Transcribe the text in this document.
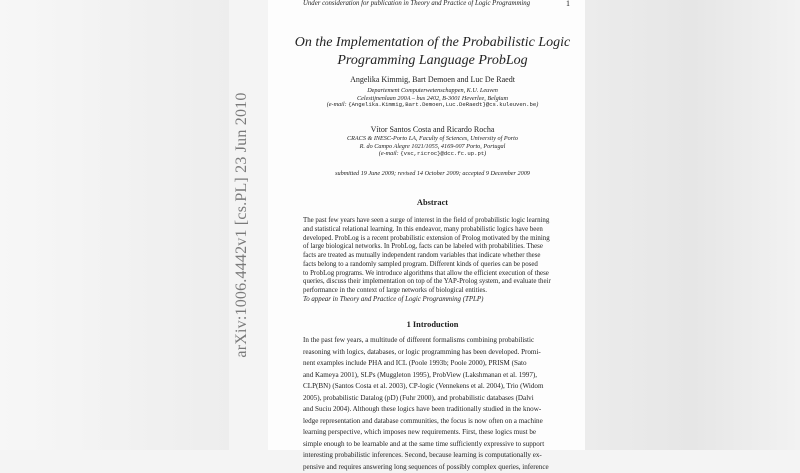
arXiv:1006.4442v1 [cs.PL] 23 Jun 2010
Under consideration for publication in Theory and Practice of Logic Programming	1
On the Implementation of the Probabilistic Logic
Programming Language ProbLog
Angelika Kimmig, Bart Demoen and Luc De Raedt
Departement Computerwetenschappen, K.U. Leuven
Celestijnenlaan 200A – bus 2402, B-3001 Heverlee, Belgium
(e-mail: {Angelika.Kimmig,Bart.Demoen,Luc.DeRaedt}@cs.kuleuven.be)
Vítor Santos Costa and Ricardo Rocha
CRACS & INESC-Porto LA, Faculty of Sciences, University of Porto
R. do Campo Alegre 1021/1055, 4169-007 Porto, Portugal
(e-mail: {vsc,ricroc}@dcc.fc.up.pt)
submitted 19 June 2009; revised 14 October 2009; accepted 9 December 2009
Abstract
The past few years have seen a surge of interest in the field of probabilistic logic learning
and statistical relational learning. In this endeavor, many probabilistic logics have been
developed. ProbLog is a recent probabilistic extension of Prolog motivated by the mining
of large biological networks. In ProbLog, facts can be labeled with probabilities. These
facts are treated as mutually independent random variables that indicate whether these
facts belong to a randomly sampled program. Different kinds of queries can be posed
to ProbLog programs. We introduce algorithms that allow the efficient execution of these
queries, discuss their implementation on top of the YAP-Prolog system, and evaluate their
performance in the context of large networks of biological entities.
To appear in Theory and Practice of Logic Programming (TPLP)
1 Introduction
In the past few years, a multitude of different formalisms combining probabilistic
reasoning with logics, databases, or logic programming has been developed. Promi-
nent examples include PHA and ICL (Poole 1993b; Poole 2000), PRISM (Sato
and Kameya 2001), SLPs (Muggleton 1995), ProbView (Lakshmanan et al. 1997),
CLP(BN) (Santos Costa et al. 2003), CP-logic (Vennekens et al. 2004), Trio (Widom
2005), probabilistic Datalog (pD) (Fuhr 2000), and probabilistic databases (Dalvi
and Suciu 2004). Although these logics have been traditionally studied in the know-
ledge representation and database communities, the focus is now often on a machine
learning perspective, which imposes new requirements. First, these logics must be
simple enough to be learnable and at the same time sufficiently expressive to support
interesting probabilistic inferences. Second, because learning is computationally ex-
pensive and requires answering long sequences of possibly complex queries, inference
